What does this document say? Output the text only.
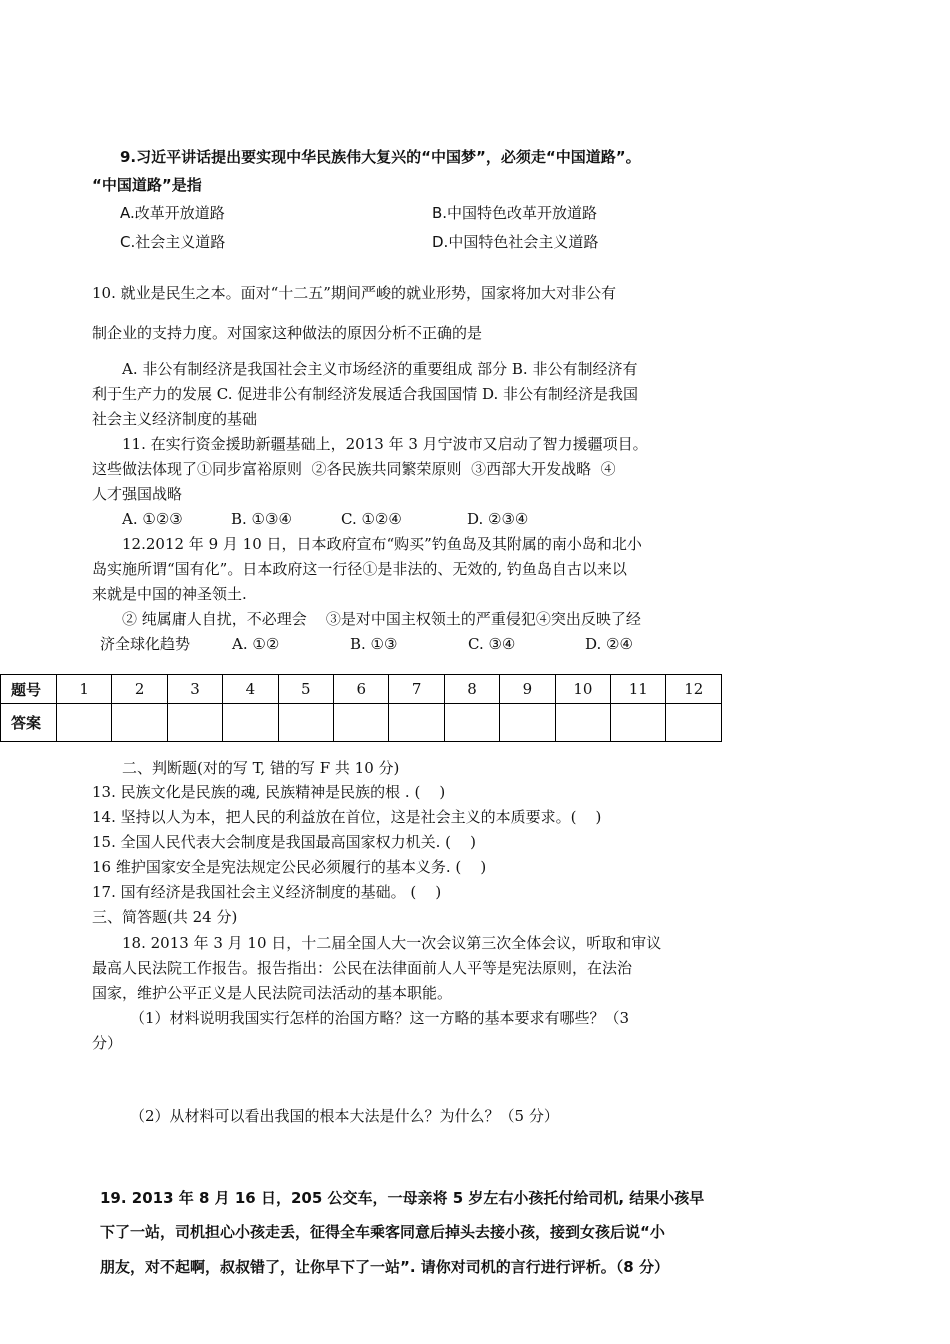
9.习近平讲话提出要实现中华民族伟大复兴的“中国梦”，必须走“中国道路”。
“中国道路”是指
A.改革开放道路	B.中国特色改革开放道路
C.社会主义道路	D.中国特色社会主义道路
10. 就业是民生之本。面对“十二五”期间严峻的就业形势，国家将加大对非公有
制企业的支持力度。对国家这种做法的原因分析不正确的是
A. 非公有制经济是我国社会主义市场经济的重要组成 部分 B. 非公有制经济有
利于生产力的发展 C. 促进非公有制经济发展适合我国国情 D. 非公有制经济是我国
社会主义经济制度的基础
11. 在实行资金援助新疆基础上，2013 年 3 月宁波市又启动了智力援疆项目。
这些做法体现了①同步富裕原则  ②各民族共同繁荣原则  ③西部大开发战略  ④
人才强国战略
A. ①②③	B. ①③④	C. ①②④	D. ②③④
12.2012 年 9 月 10 日，日本政府宣布“购买”钓鱼岛及其附属的南小岛和北小
岛实施所谓“国有化”。日本政府这一行径①是非法的、无效的, 钓鱼岛自古以来以
来就是中国的神圣领土.
② 纯属庸人自扰，不必理会    ③是对中国主权领土的严重侵犯④突出反映了经
济全球化趋势	A. ①②	B. ①③	C. ③④	D. ②④
题号	1	2	3	4	5	6	7	8	9	10	11	12
答案												
二、判断题(对的写 T, 错的写 F 共 10 分)
13. 民族文化是民族的魂, 民族精神是民族的根 . (    )
14. 坚持以人为本，把人民的利益放在首位，这是社会主义的本质要求。(    )
15. 全国人民代表大会制度是我国最高国家权力机关. (    )
16 维护国家安全是宪法规定公民必须履行的基本义务. (    )
17. 国有经济是我国社会主义经济制度的基础。 (    )
三、简答题(共 24 分)
18. 2013 年 3 月 10 日，十二届全国人大一次会议第三次全体会议，听取和审议
最高人民法院工作报告。报告指出：公民在法律面前人人平等是宪法原则，在法治
国家，维护公平正义是人民法院司法活动的基本职能。
（1）材料说明我国实行怎样的治国方略？这一方略的基本要求有哪些？（3
分）
（2）从材料可以看出我国的根本大法是什么？为什么？（5 分）
19. 2013 年 8 月 16 日，205 公交车，一母亲将 5 岁左右小孩托付给司机, 结果小孩早
下了一站，司机担心小孩走丢，征得全车乘客同意后掉头去接小孩，接到女孩后说“小
朋友，对不起啊，叔叔错了，让你早下了一站”. 请你对司机的言行进行评析。（8 分）
